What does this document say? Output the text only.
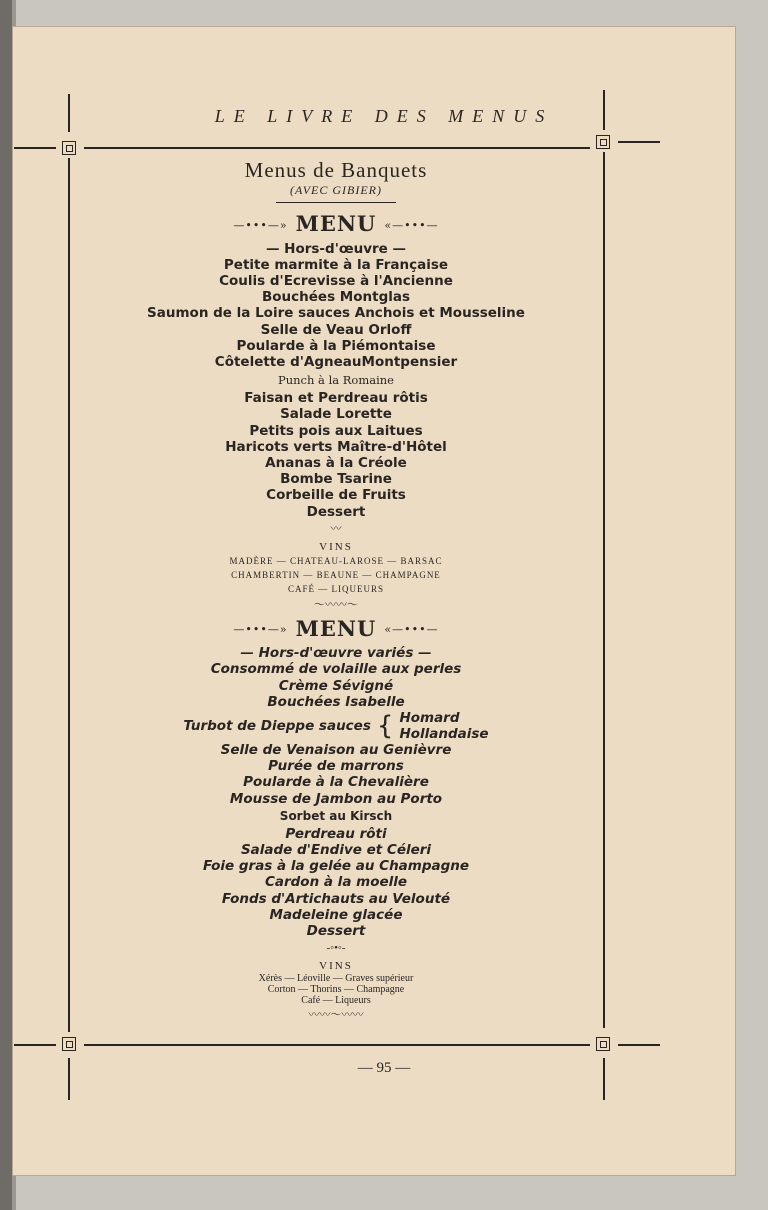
LE LIVRE DES MENUS
Menus de Banquets
(AVEC GIBIER)
—•••—» MENU «—•••—
— Hors-d'œuvre —
Petite marmite à la Française
Coulis d'Ecrevisse à l'Ancienne
Bouchées Montglas
Saumon de la Loire sauces Anchois et Mousseline
Selle de Veau Orloff
Poularde à la Piémontaise
Côtelette d'AgneauMontpensier
Punch à la Romaine
Faisan et Perdreau rôtis
Salade Lorette
Petits pois aux Laitues
Haricots verts Maître-d'Hôtel
Ananas à la Créole
Bombe Tsarine
Corbeille de Fruits
Dessert
〰
VINS
MADÈRE — CHATEAU-LAROSE — BARSAC
CHAMBERTIN — BEAUNE — CHAMPAGNE
CAFÉ — LIQUEURS
～〰〰～
—•••—» MENU «—•••—
— Hors-d'œuvre variés —
Consommé de volaille aux perles
Crème Sévigné
Bouchées Isabelle
Turbot de Dieppe sauces { Homard
Hollandaise
Selle de Venaison au Genièvre
Purée de marrons
Poularde à la Chevalière
Mousse de Jambon au Porto
Sorbet au Kirsch
Perdreau rôti
Salade d'Endive et Céleri
Foie gras à la gelée au Champagne
Cardon à la moelle
Fonds d'Artichauts au Velouté
Madeleine glacée
Dessert
-◦•◦-
VINS
Xérès — Léoville — Graves supérieur
Corton — Thorins — Champagne
Café — Liqueurs
〰〰～〰〰
— 95 —
